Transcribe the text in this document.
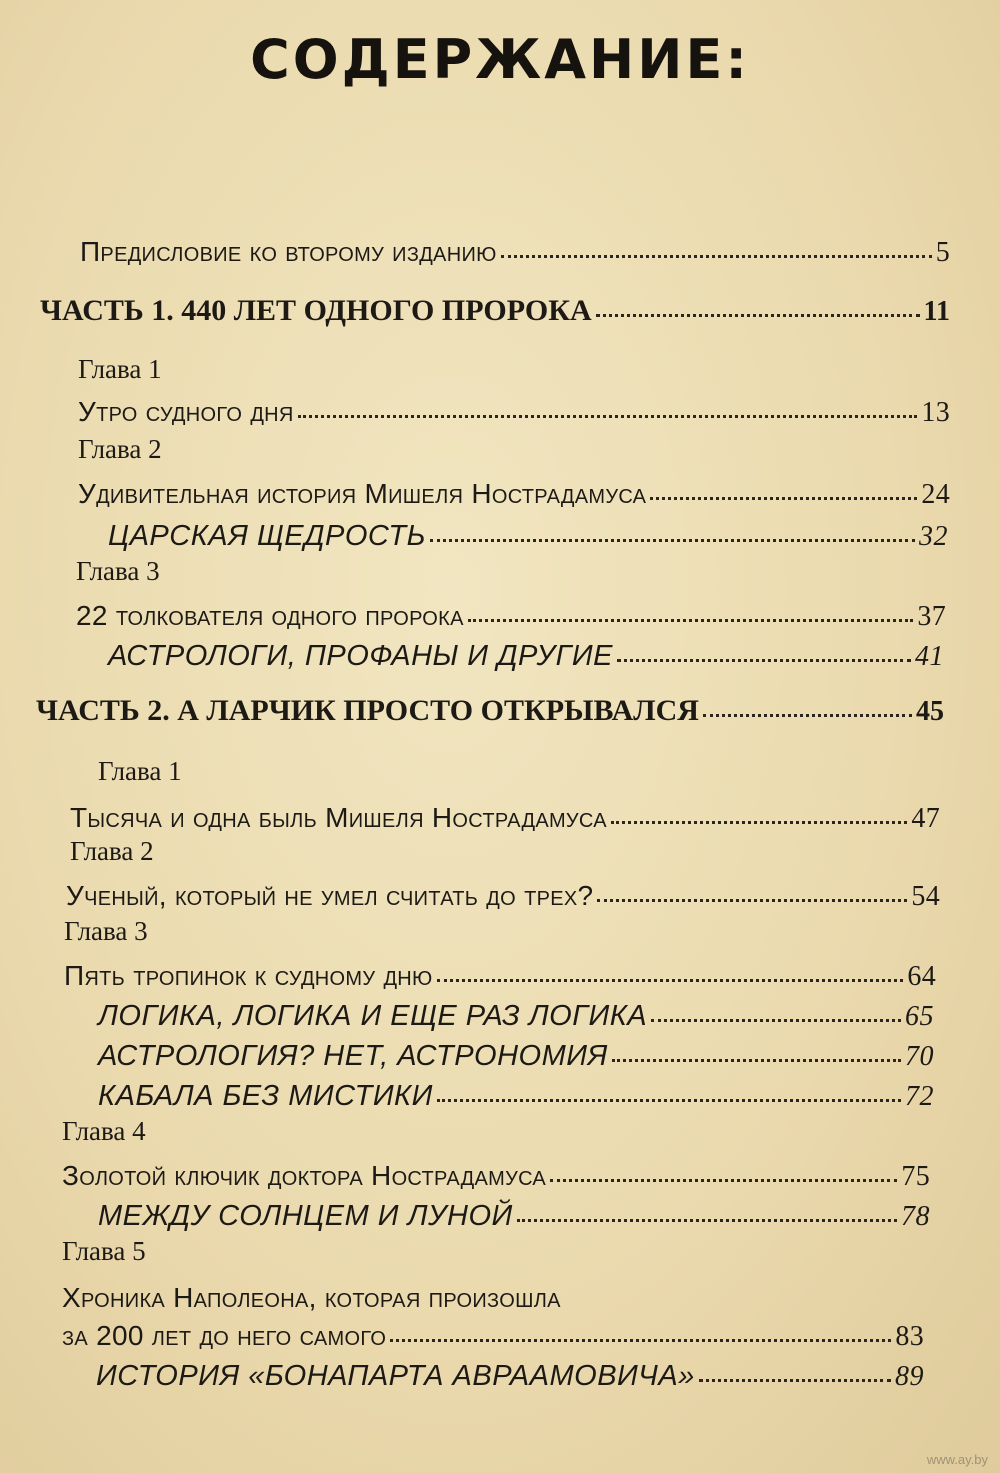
СОДЕРЖАНИЕ:
Предисловие ко второму изданию	5
ЧАСТЬ 1. 440 ЛЕТ ОДНОГО ПРОРОКА	11
Глава 1
Утро судного дня	13
Глава 2
Удивительная история Мишеля Нострадамуса	24
ЦАРСКАЯ ЩЕДРОСТЬ	32
Глава 3
22 толкователя одного пророка	37
АСТРОЛОГИ, ПРОФАНЫ И ДРУГИЕ	41
ЧАСТЬ 2. А ЛАРЧИК ПРОСТО ОТКРЫВАЛСЯ	45
Глава 1
Тысяча и одна быль Мишеля Нострадамуса	47
Глава 2
Ученый, который не умел считать до трех?	54
Глава 3
Пять тропинок к судному дню	64
ЛОГИКА, ЛОГИКА И ЕЩЕ РАЗ ЛОГИКА	65
АСТРОЛОГИЯ? НЕТ, АСТРОНОМИЯ	70
КАБАЛА БЕЗ МИСТИКИ	72
Глава 4
Золотой ключик доктора Нострадамуса	75
МЕЖДУ СОЛНЦЕМ И ЛУНОЙ	78
Глава 5
Хроника Наполеона, которая произошла
за 200 лет до него самого	83
ИСТОРИЯ «БОНАПАРТА АВРААМОВИЧА»	89
www.ay.by
